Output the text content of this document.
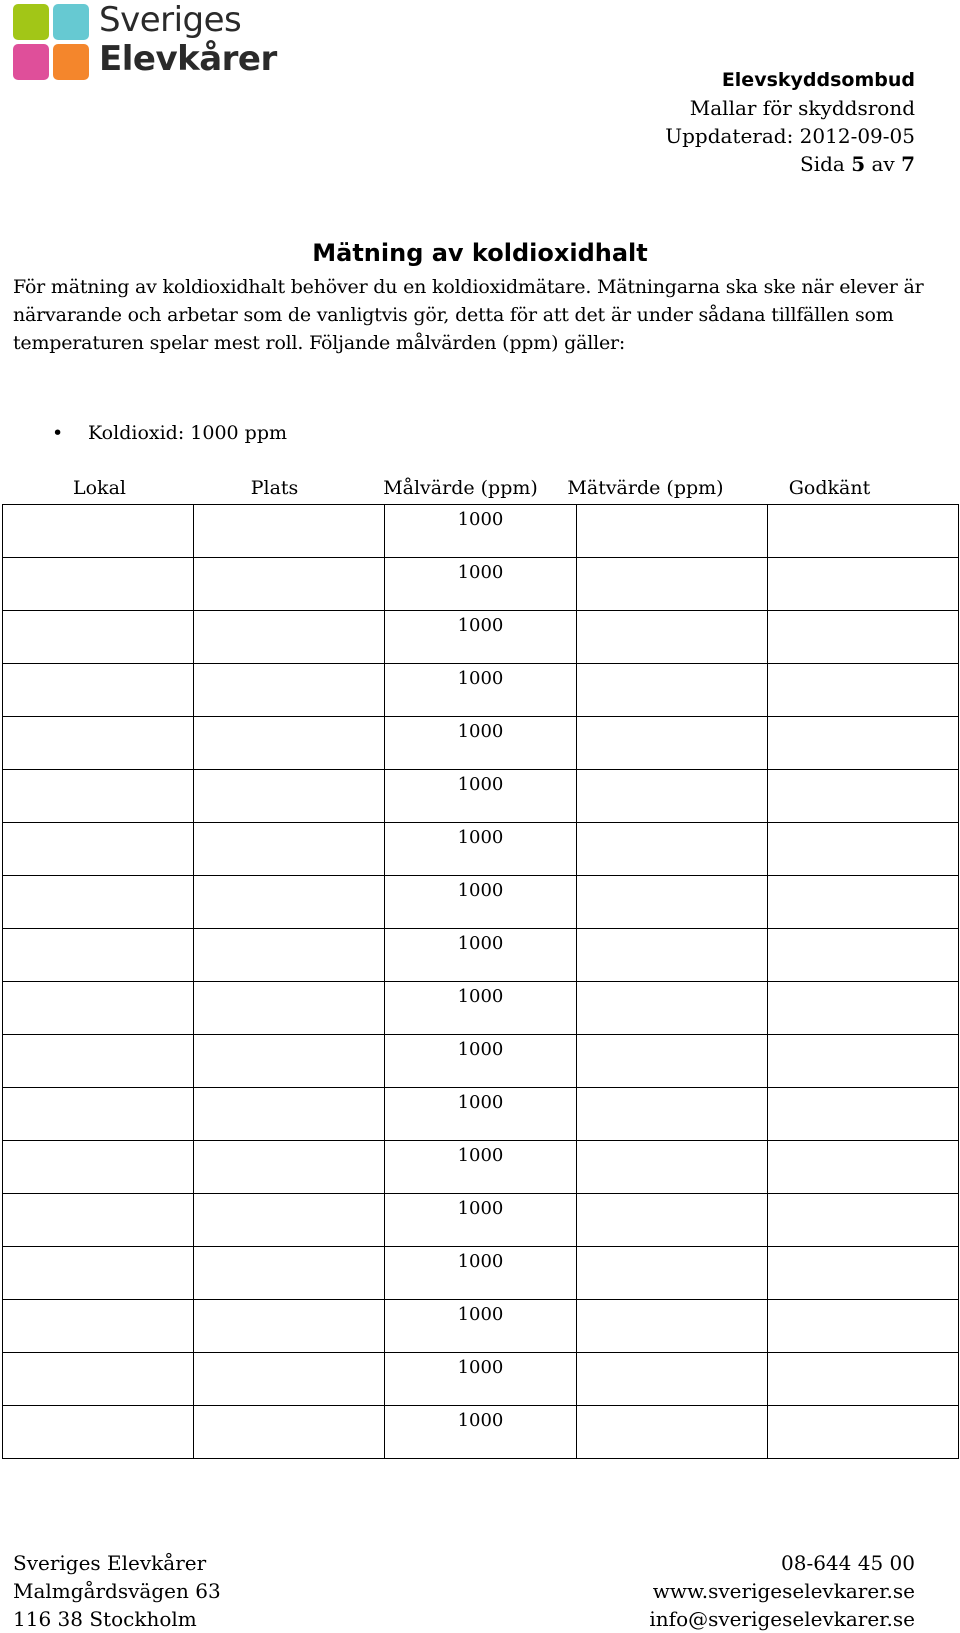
Sveriges
Elevkårer
Elevskyddsombud
Mallar för skyddsrond
Uppdaterad: 2012-09-05
Sida 5 av 7
Mätning av koldioxidhalt

För mätning av koldioxidhalt behöver du en koldioxidmätare. Mätningarna ska ske när elever är närvarande och arbetar som de vanligtvis gör, detta för att det är under sådana tillfällen som temperaturen spelar mest roll. Följande målvärden (ppm) gäller:

• Koldioxid: 1000 ppm
Lokal	Plats	Målvärde (ppm)	Mätvärde (ppm)	Godkänt
		1000		
		1000		
		1000		
		1000		
		1000		
		1000		
		1000		
		1000		
		1000		
		1000		
		1000		
		1000		
		1000		
		1000		
		1000		
		1000		
		1000		
		1000		
Sveriges Elevkårer
Malmgårdsvägen 63
116 38 Stockholm
08-644 45 00
www.sverigeselevkarer.se
info@sverigeselevkarer.se
